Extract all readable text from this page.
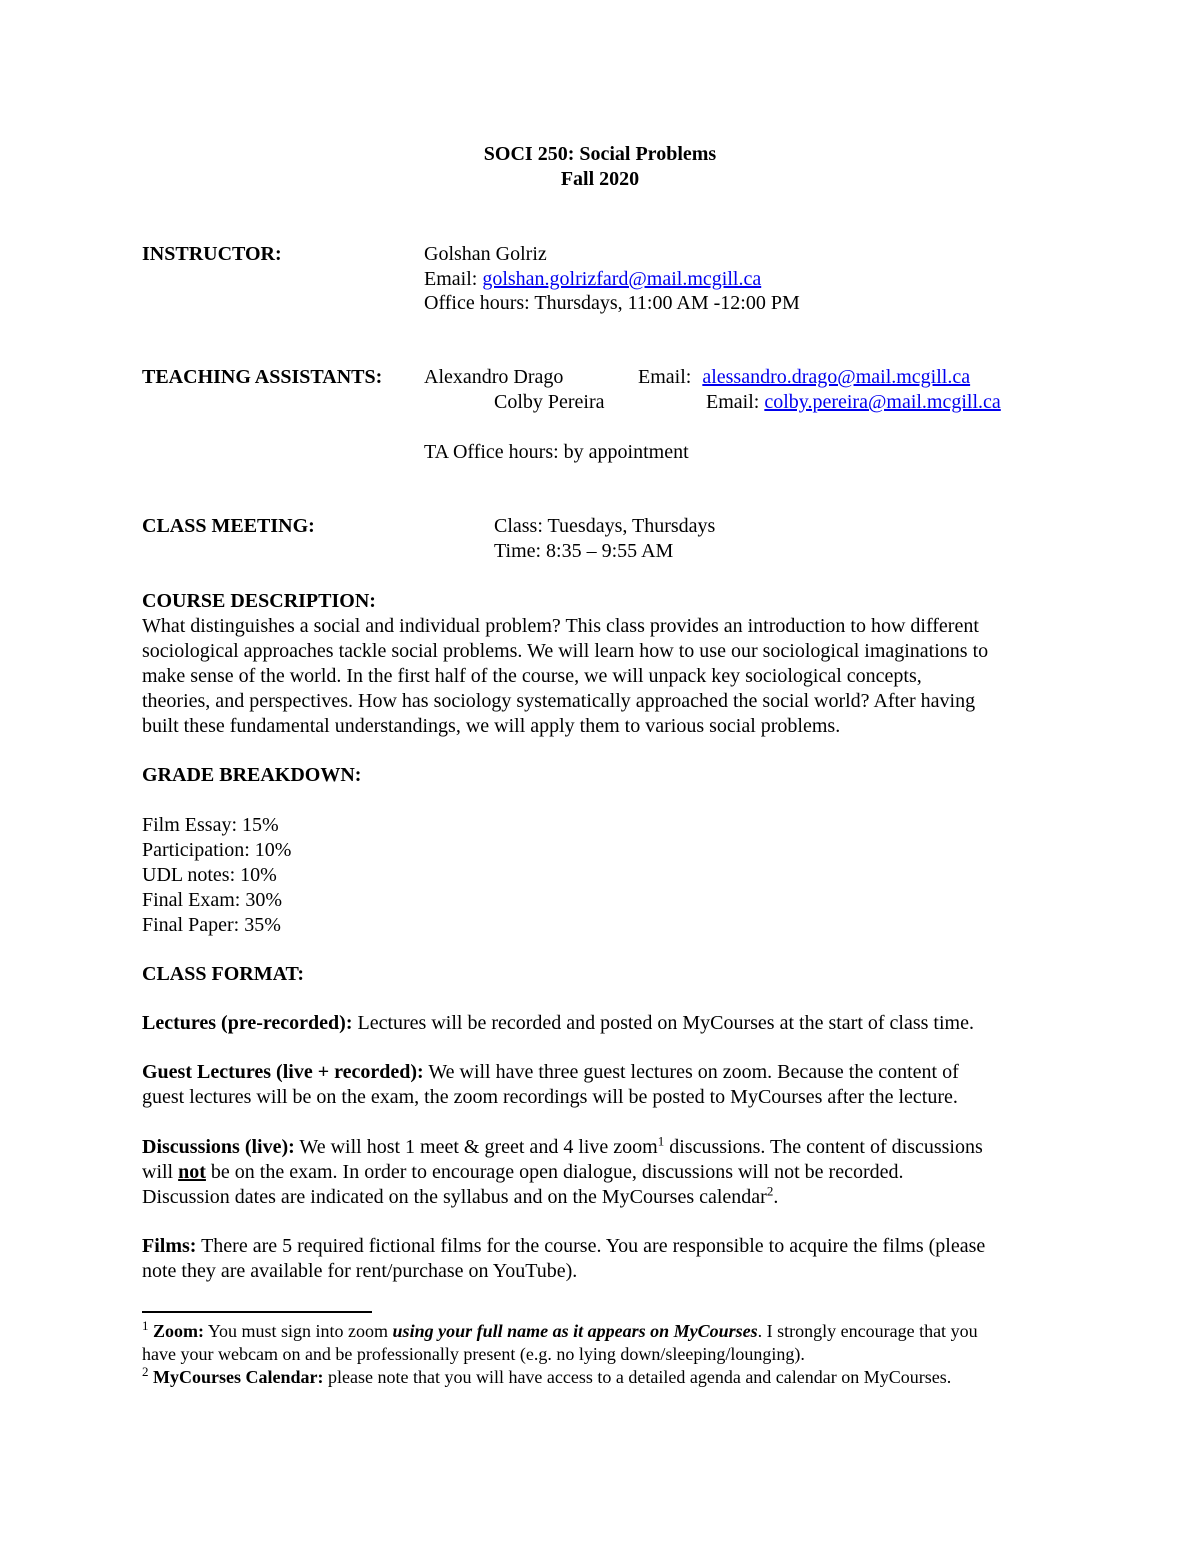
SOCI 250: Social Problems
Fall 2020
INSTRUCTOR:	Golshan Golriz
Email: golshan.golrizfard@mail.mcgill.ca
Office hours: Thursdays, 11:00 AM -12:00 PM
TEACHING ASSISTANTS: Alexandro Drago	Email: alessandro.drago@mail.mcgill.ca
Colby Pereira	Email: colby.pereira@mail.mcgill.ca
TA Office hours: by appointment
CLASS MEETING:	Class: Tuesdays, Thursdays
Time: 8:35 – 9:55 AM
COURSE DESCRIPTION:
What distinguishes a social and individual problem? This class provides an introduction to how different
sociological approaches tackle social problems. We will learn how to use our sociological imaginations to
make sense of the world. In the first half of the course, we will unpack key sociological concepts,
theories, and perspectives. How has sociology systematically approached the social world? After having
built these fundamental understandings, we will apply them to various social problems.
GRADE BREAKDOWN:
Film Essay: 15%
Participation: 10%
UDL notes: 10%
Final Exam: 30%
Final Paper: 35%
CLASS FORMAT:
Lectures (pre-recorded): Lectures will be recorded and posted on MyCourses at the start of class time.
Guest Lectures (live + recorded): We will have three guest lectures on zoom. Because the content of
guest lectures will be on the exam, the zoom recordings will be posted to MyCourses after the lecture.
Discussions (live): We will host 1 meet & greet and 4 live zoom$^1$ discussions. The content of discussions
will not be on the exam. In order to encourage open dialogue, discussions will not be recorded.
Discussion dates are indicated on the syllabus and on the MyCourses calendar$^2$.
Films: There are 5 required fictional films for the course. You are responsible to acquire the films (please
note they are available for rent/purchase on YouTube).
$^1$ Zoom: You must sign into zoom using your full name as it appears on MyCourses. I strongly encourage that you
have your webcam on and be professionally present (e.g. no lying down/sleeping/lounging).
$^2$ MyCourses Calendar: please note that you will have access to a detailed agenda and calendar on MyCourses.
